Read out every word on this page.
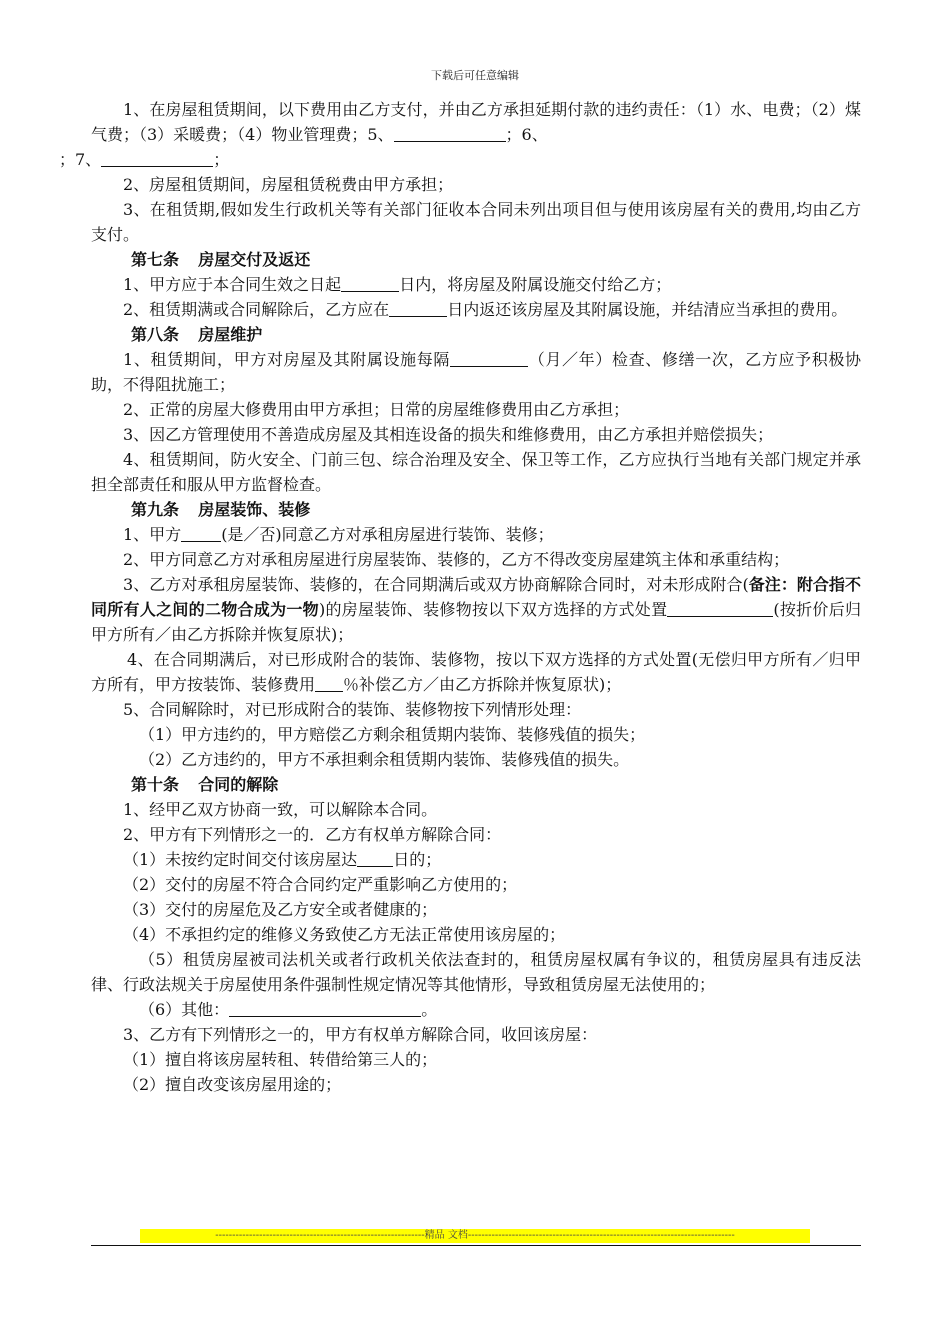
下载后可任意编辑

1、在房屋租赁期间，以下费用由乙方支付，并由乙方承担延期付款的违约责任：（1）水、电费；（2）煤气费；（3）采暖费；（4）物业管理费；5、	；6、
；7、	；

2、房屋租赁期间，房屋租赁税费由甲方承担；

3、在租赁期,假如发生行政机关等有关部门征收本合同未列出项目但与使用该房屋有关的费用,均由乙方支付。

第七条 房屋交付及返还

1、甲方应于本合同生效之日起	日内，将房屋及附属设施交付给乙方；

2、租赁期满或合同解除后，乙方应在	日内返还该房屋及其附属设施，并结清应当承担的费用。

第八条 房屋维护

1、租赁期间，甲方对房屋及其附属设施每隔	（月／年）检查、修缮一次，乙方应予积极协助，不得阻扰施工；

2、正常的房屋大修费用由甲方承担；日常的房屋维修费用由乙方承担；

3、因乙方管理使用不善造成房屋及其相连设备的损失和维修费用，由乙方承担并赔偿损失；

4、租赁期间，防火安全、门前三包、综合治理及安全、保卫等工作，乙方应执行当地有关部门规定并承担全部责任和服从甲方监督检查。

第九条 房屋装饰、装修

1、甲方	(是／否)同意乙方对承租房屋进行装饰、装修；

2、甲方同意乙方对承租房屋进行房屋装饰、装修的，乙方不得改变房屋建筑主体和承重结构；

3、乙方对承租房屋装饰、装修的，在合同期满后或双方协商解除合同时，对未形成附合(备注：附合指不同所有人之间的二物合成为一物)的房屋装饰、装修物按以下双方选择的方式处置	(按折价后归甲方所有／由乙方拆除并恢复原状)；

4、在合同期满后，对已形成附合的装饰、装修物，按以下双方选择的方式处置(无偿归甲方所有／归甲方所有，甲方按装饰、装修费用 ％补偿乙方／由乙方拆除并恢复原状)；

5、合同解除时，对已形成附合的装饰、装修物按下列情形处理：

（1）甲方违约的，甲方赔偿乙方剩余租赁期内装饰、装修残值的损失；

（2）乙方违约的，甲方不承担剩余租赁期内装饰、装修残值的损失。

第十条 合同的解除

1、经甲乙双方协商一致，可以解除本合同。

2、甲方有下列情形之一的．乙方有权单方解除合同：

（1）未按约定时间交付该房屋达 日的；

（2）交付的房屋不符合合同约定严重影响乙方使用的；

（3）交付的房屋危及乙方安全或者健康的；

（4）不承担约定的维修义务致使乙方无法正常使用该房屋的；

（5）租赁房屋被司法机关或者行政机关依法查封的，租赁房屋权属有争议的，租赁房屋具有违反法律、行政法规关于房屋使用条件强制性规定情况等其他情形，导致租赁房屋无法使用的；

（6）其他：	。

3、乙方有下列情形之一的，甲方有权单方解除合同，收回该房屋：

（1）擅自将该房屋转租、转借给第三人的；

（2）擅自改变该房屋用途的；

--------------------------------------------------------------精品 文档-------------------------------------------------------------------------------
